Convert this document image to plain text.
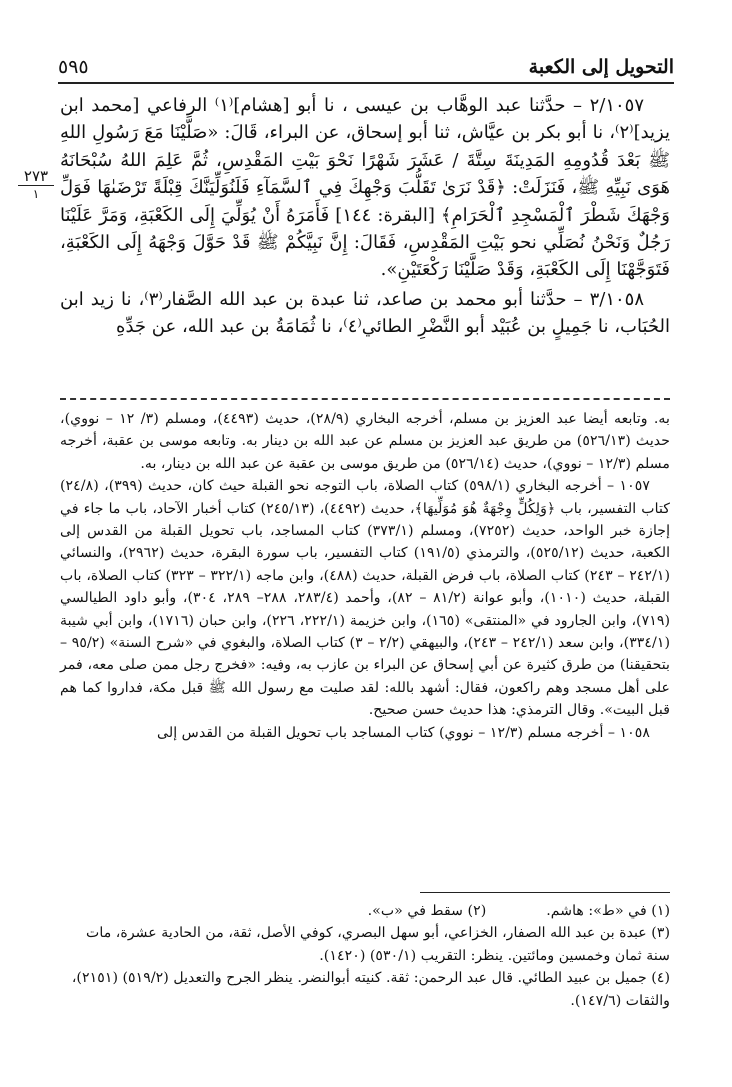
التحويل إلى الكعبة
٥٩٥
٢٧٣
١

٢/١٠٥٧ – حدَّثنا عبد الوهَّاب بن عيسى ، نا أبو [هشام]⁽١⁾ الرفاعي [محمد ابن يزيد]⁽٢⁾، نا أبو بكر بن عيَّاش، ثنا أبو إسحاق، عن البراء، قَالَ: «صَلَّيْنَا مَعَ رَسُولِ اللهِ ﷺ بَعْدَ قُدُومِهِ المَدِينَةَ سِتَّةَ / عَشَرَ شَهْرًا نَحْوَ بَيْتِ المَقْدِسِ، ثُمَّ عَلِمَ اللهُ سُبْحَانَهُ هَوَى نَبِيِّهِ ﷺ، فَنَزَلَتْ: ﴿قَدْ نَرَىٰ تَقَلُّبَ وَجْهِكَ فِي ٱلسَّمَآءِ فَلَنُوَلِّيَنَّكَ قِبْلَةً تَرْضَىٰهَا فَوَلِّ وَجْهَكَ شَطْرَ ٱلْمَسْجِدِ ٱلْحَرَامِ﴾ [البقرة: ١٤٤] فَأَمَرَهُ أَنْ يُوَلِّيَ إِلَى الكَعْبَةِ، وَمَرَّ عَلَيْنَا رَجُلٌ وَنَحْنُ نُصَلِّي نحو بَيْتِ المَقْدِسِ، فَقَالَ: إِنَّ نَبِيَّكُمْ ﷺ قَدْ حَوَّلَ وَجْهَهُ إِلَى الكَعْبَةِ، فَتَوَجَّهْنَا إِلَى الكَعْبَةِ، وَقَدْ صَلَّيْنَا رَكْعَتَيْنِ».

٣/١٠٥٨ – حدَّثنا أبو محمد بن صاعد، ثنا عبدة بن عبد الله الصَّفار⁽٣⁾، نا زيد ابن الحُبَاب، نا جَمِيلٍ بن عُبَيْد أبو النَّضْرِ الطائي⁽٤⁾، نا ثُمَامَةُ بن عبد الله، عن جَدِّهِ

به. وتابعه أيضا عبد العزيز بن مسلم، أخرجه البخاري (٢٨/٩)، حديث (٤٤٩٣)، ومسلم (٣/ ١٢ – نووي)، حديث (٥٢٦/١٣) من طريق عبد العزيز بن مسلم عن عبد الله بن دينار به. وتابعه موسى بن عقبة، أخرجه مسلم (١٢/٣ – نووي)، حديث (٥٢٦/١٤) من طريق موسى بن عقبة عن عبد الله بن دينار، به.

١٠٥٧ – أخرجه البخاري (٥٩٨/١) كتاب الصلاة، باب التوجه نحو القبلة حيث كان، حديث (٣٩٩)، (٢٤/٨) كتاب التفسير، باب ﴿وَلِكُلٍّ وِجْهَةٌ هُوَ مُوَلِّيهَا﴾، حديث (٤٤٩٢)، (٢٤٥/١٣) كتاب أخبار الآحاد، باب ما جاء في إجازة خبر الواحد، حديث (٧٢٥٢)، ومسلم (٣٧٣/١) كتاب المساجد، باب تحويل القبلة من القدس إلى الكعبة، حديث (٥٢٥/١٢)، والترمذي (١٩١/٥) كتاب التفسير، باب سورة البقرة، حديث (٢٩٦٢)، والنسائي (٢٤٢/١ – ٢٤٣) كتاب الصلاة، باب فرض القبلة، حديث (٤٨٨)، وابن ماجه (٣٢٢/١ – ٣٢٣) كتاب الصلاة، باب القبلة، حديث (١٠١٠)، وأبو عوانة (٨١/٢ – ٨٢)، وأحمد (٢٨٣/٤، ٢٨٨– ٢٨٩، ٣٠٤)، وأبو داود الطيالسي (٧١٩)، وابن الجارود في «المنتقى» (١٦٥)، وابن خزيمة (٢٢٢/١، ٢٢٦)، وابن حبان (١٧١٦)، وابن أبي شيبة (٣٣٤/١)، وابن سعد (٢٤٢/١ – ٢٤٣)، والبيهقي (٢/٢ – ٣) كتاب الصلاة، والبغوي في «شرح السنة» (٩٥/٢ – بتحقيقنا) من طرق كثيرة عن أبي إسحاق عن البراء بن عازب به، وفيه: «فخرج رجل ممن صلى معه، فمر على أهل مسجد وهم راكعون، فقال: أشهد بالله: لقد صليت مع رسول الله ﷺ قبل مكة، فداروا كما هم قبل البيت». وقال الترمذي: هذا حديث حسن صحيح.

١٠٥٨ – أخرجه مسلم (١٢/٣ – نووي) كتاب المساجد باب تحويل القبلة من القدس إلى

(١) في «ط»: هاشم.

(٢) سقط في «ب».

(٣) عبدة بن عبد الله الصفار، الخزاعي، أبو سهل البصري، كوفي الأصل، ثقة، من الحادية عشرة، مات سنة ثمان وخمسين ومائتين. ينظر: التقريب (٥٣٠/١) (١٤٢٠).

(٤) جميل بن عبيد الطائي. قال عبد الرحمن: ثقة. كنيته أبوالنضر. ينظر الجرح والتعديل (٥١٩/٢) (٢١٥١)، والثقات (١٤٧/٦).
